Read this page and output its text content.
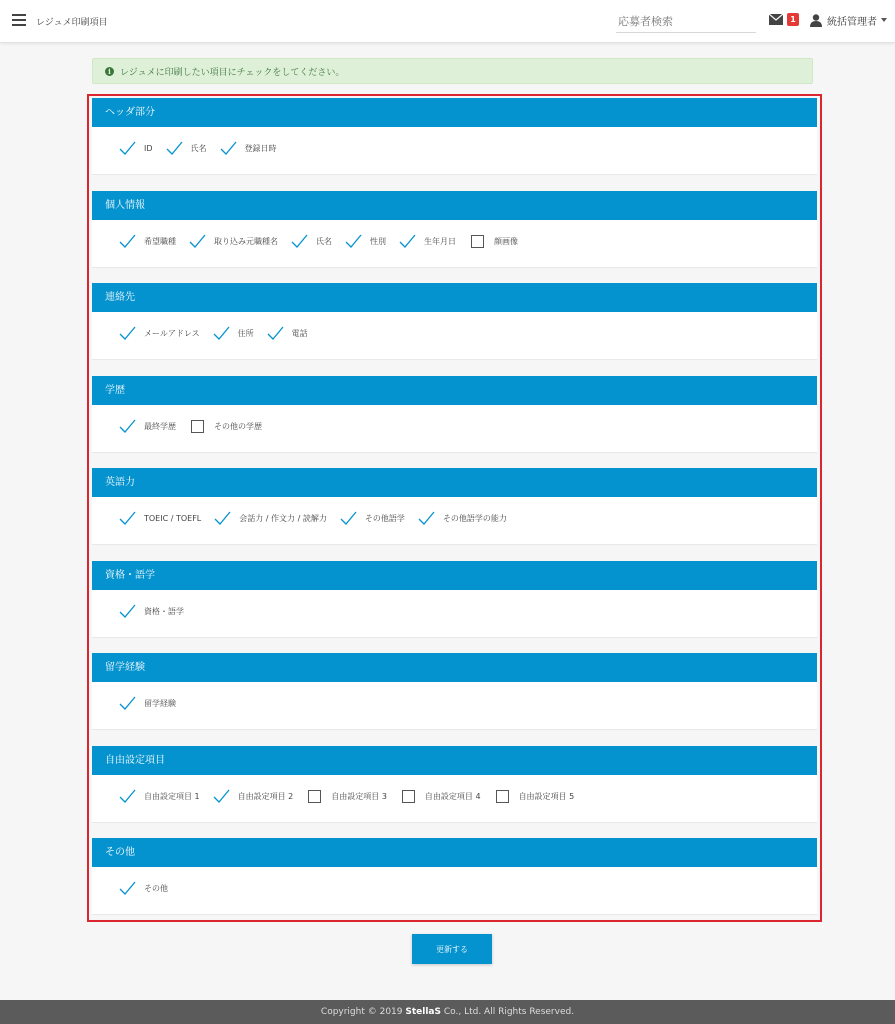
レジュメ印刷項目
応募者検索	1	統括管理者
i	レジュメに印刷したい項目にチェックをしてください。
ヘッダ部分
ID	氏名	登録日時
個人情報
希望職種	取り込み元職種名	氏名	性別	生年月日	顔画像
連絡先
メールアドレス	住所	電話
学歴
最終学歴	その他の学歴
英語力
TOEIC / TOEFL	会話力 / 作文力 / 読解力	その他語学	その他語学の能力
資格・語学
資格・語学
留学経験
留学経験
自由設定項目
自由設定項目 1	自由設定項目 2	自由設定項目 3	自由設定項目 4	自由設定項目 5
その他
その他
更新する
Copyright © 2019 StellaS Co., Ltd. All Rights Reserved.
